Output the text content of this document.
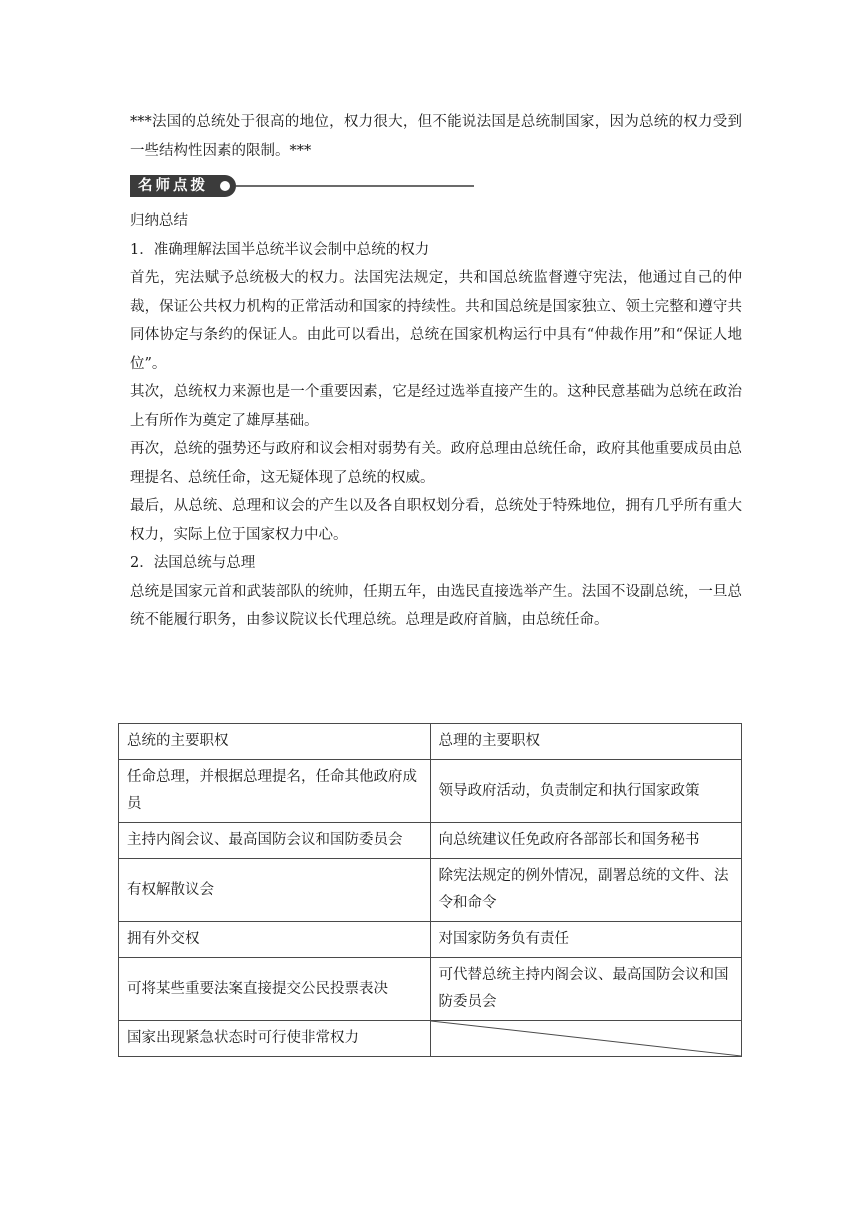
***法国的总统处于很高的地位，权力很大，但不能说法国是总统制国家，因为总统的权力受到一些结构性因素的限制。***

名师点拨

归纳总结

1．准确理解法国半总统半议会制中总统的权力

首先，宪法赋予总统极大的权力。法国宪法规定，共和国总统监督遵守宪法，他通过自己的仲裁，保证公共权力机构的正常活动和国家的持续性。共和国总统是国家独立、领土完整和遵守共同体协定与条约的保证人。由此可以看出，总统在国家机构运行中具有“仲裁作用”和“保证人地位”。

其次，总统权力来源也是一个重要因素，它是经过选举直接产生的。这种民意基础为总统在政治上有所作为奠定了雄厚基础。

再次，总统的强势还与政府和议会相对弱势有关。政府总理由总统任命，政府其他重要成员由总理提名、总统任命，这无疑体现了总统的权威。

最后，从总统、总理和议会的产生以及各自职权划分看，总统处于特殊地位，拥有几乎所有重大权力，实际上位于国家权力中心。

2．法国总统与总理

总统是国家元首和武装部队的统帅，任期五年，由选民直接选举产生。法国不设副总统，一旦总统不能履行职务，由参议院议长代理总统。总理是政府首脑，由总统任命。

总统的主要职权	总理的主要职权
任命总理，并根据总理提名，任命其他政府成员	领导政府活动，负责制定和执行国家政策
主持内阁会议、最高国防会议和国防委员会	向总统建议任免政府各部部长和国务秘书
有权解散议会	除宪法规定的例外情况，副署总统的文件、法令和命令
拥有外交权	对国家防务负有责任
可将某些重要法案直接提交公民投票表决	可代替总统主持内阁会议、最高国防会议和国防委员会
国家出现紧急状态时可行使非常权力	
